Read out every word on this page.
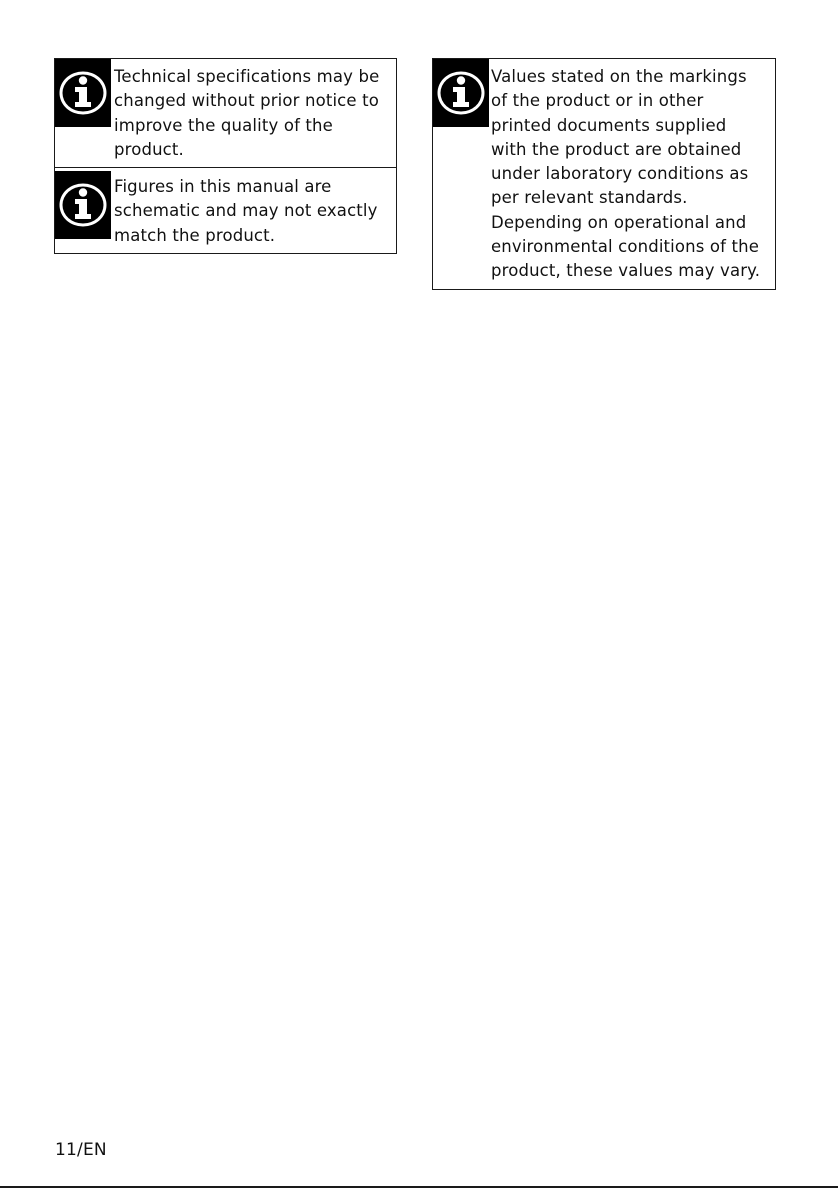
Technical specifications may be
changed without prior notice to
improve the quality of the
product.

Figures in this manual are
schematic and may not exactly
match the product.

Values stated on the markings
of the product or in other
printed documents supplied
with the product are obtained
under laboratory conditions as
per relevant standards.
Depending on operational and
environmental conditions of the
product, these values may vary.

11/EN
